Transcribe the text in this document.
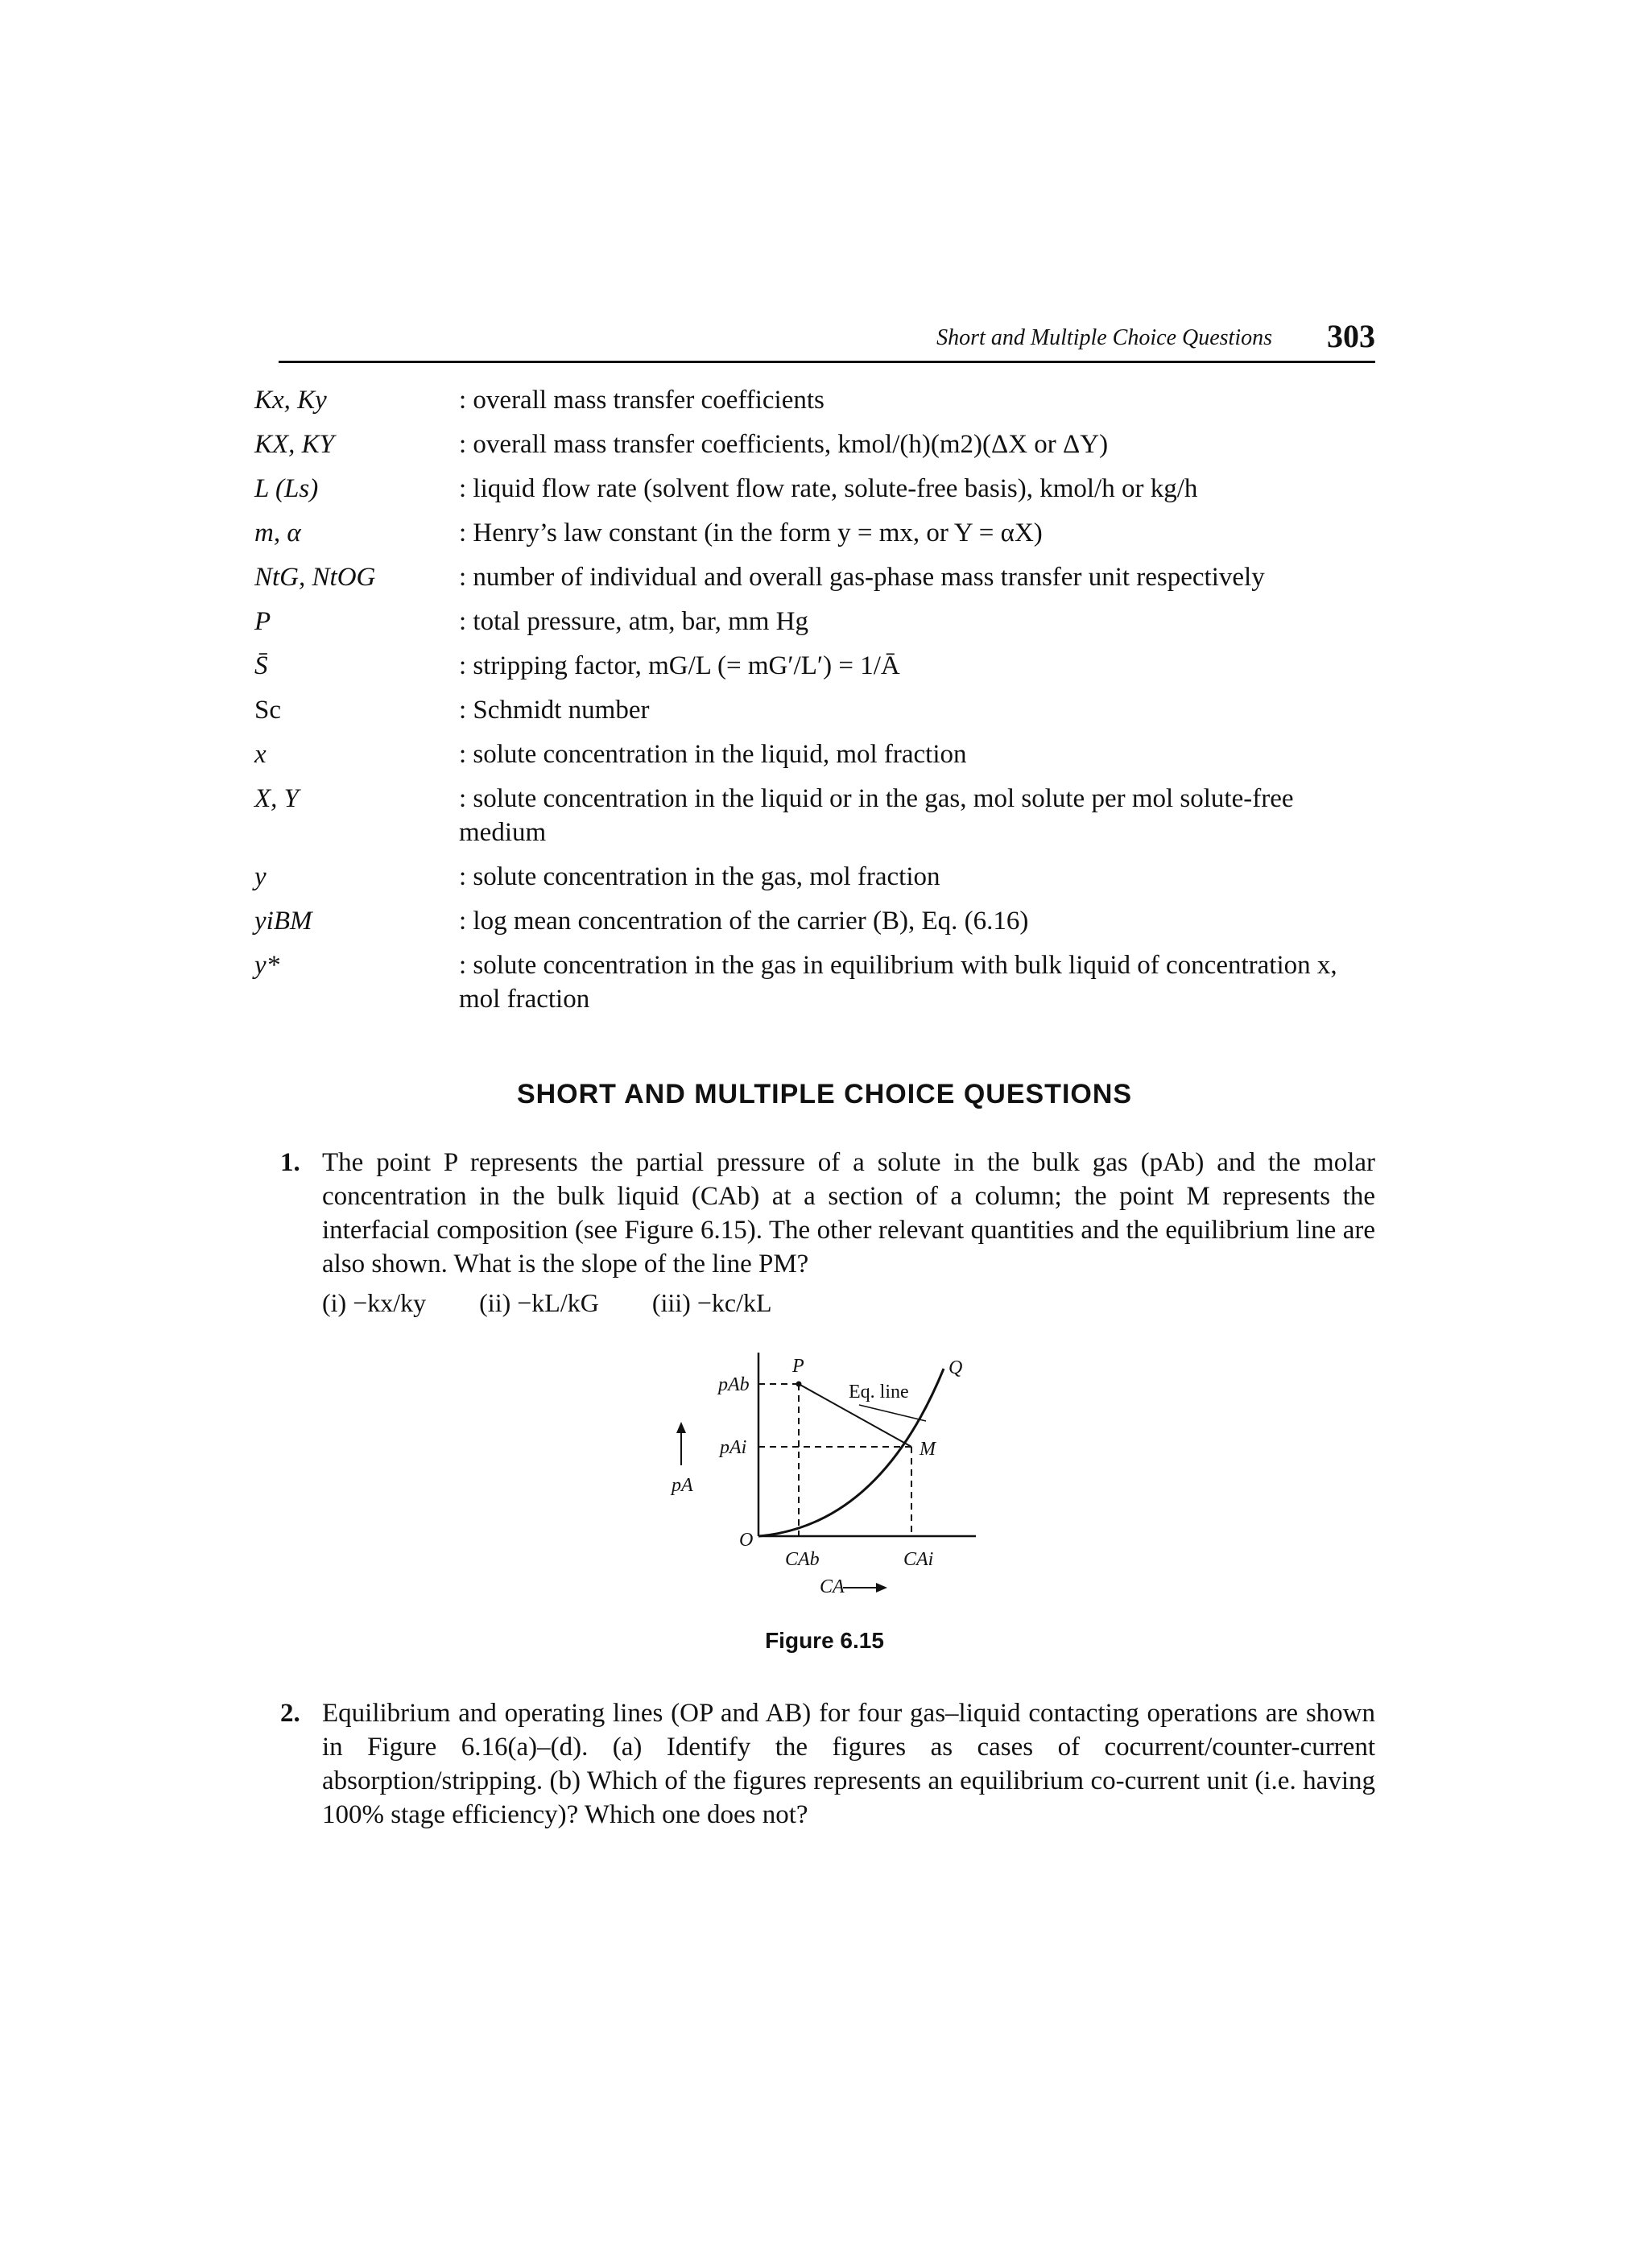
Short and Multiple Choice Questions 303
Kx, Ky	: overall mass transfer coefficients
KX, KY	: overall mass transfer coefficients, kmol/(h)(m2)(ΔX or ΔY)
L (Ls)	: liquid flow rate (solvent flow rate, solute-free basis), kmol/h or kg/h
m, α	: Henry’s law constant (in the form y = mx, or Y = αX)
NtG, NtOG	: number of individual and overall gas-phase mass transfer unit respectively
P	: total pressure, atm, bar, mm Hg
S̄	: stripping factor, mG/L (= mG′/L′) = 1/Ā
Sc	: Schmidt number
x	: solute concentration in the liquid, mol fraction
X, Y	: solute concentration in the liquid or in the gas, mol solute per mol solute-free medium
y	: solute concentration in the gas, mol fraction
yiBM	: log mean concentration of the carrier (B), Eq. (6.16)
y*	: solute concentration in the gas in equilibrium with bulk liquid of concentration x, mol fraction
SHORT AND MULTIPLE CHOICE QUESTIONS
1. The point P represents the partial pressure of a solute in the bulk gas (pAb) and the molar concentration in the bulk liquid (CAb) at a section of a column; the point M represents the interfacial composition (see Figure 6.15). The other relevant quantities and the equilibrium line are also shown. What is the slope of the line PM?
(i) −kx/ky (ii) −kL/kG (iii) −kc/kL
pAb
pAi
pA
O
P
M
Q
CAb	CAi
CA
Eq. line
Figure 6.15
2. Equilibrium and operating lines (OP and AB) for four gas–liquid contacting operations are shown in Figure 6.16(a)–(d). (a) Identify the figures as cases of cocurrent/counter-current absorption/stripping. (b) Which of the figures represents an equilibrium co-current unit (i.e. having 100% stage efficiency)? Which one does not?
